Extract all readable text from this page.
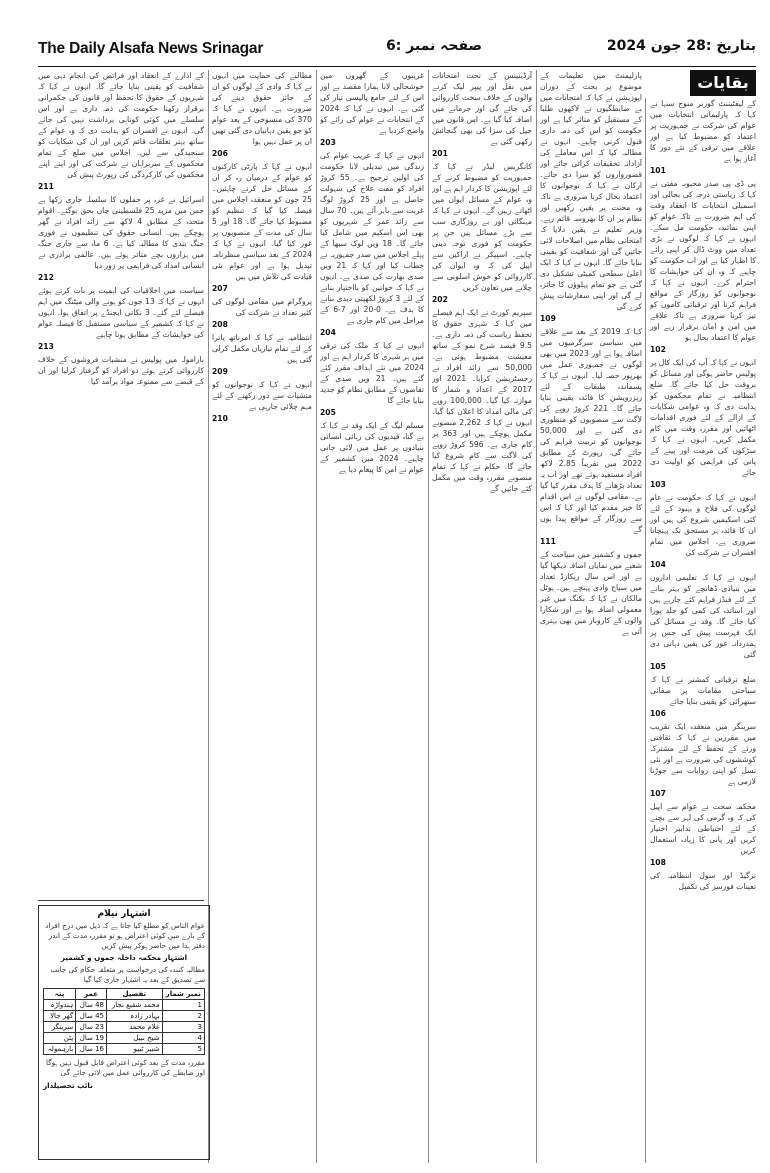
The Daily Alsafa News Srinagar	صفحہ نمبر :6	بتاریخ :28 جون 2024
بقایات

ﮐﮯ ﻟﯿﻔﭩﯿﻨﻨﭧ ﮔﻮﺭﻧﺮ ﻣﻨﻮﺝ ﺳﻨﮩﺎ ﻧﮯ ﮐﮩﺎ ﮐﮧ ﭘﺎﺭﻟﯿﻤﺎﻧﯽ ﺍﻧﺘﺨﺎﺑﺎﺕ ﻣﯿﮟ ﻋﻮﺍﻡ ﮐﯽ ﺷﺮﮐﺖ ﻧﮯ ﺟﻤﮩﻮﺭﯾﺖ ﭘﺮ ﺍﻋﺘﻤﺎﺩ ﮐﻮ ﻣﻀﺒﻮﻁ ﮐﯿﺎ ﮨﮯ ﺍﻭﺭ ﻋﻼﻗﮯ ﻣﯿﮟ ﺗﺮﻗﯽ ﮐﮯ ﻧﺌﮯ ﺩﻭﺭ ﮐﺎ ﺁﻏﺎﺯ ﮨﻮﺍ ﮨﮯ

101

ﭘﯽ ﮈﯼ ﭘﯽ ﺻﺪﺭ ﻣﺤﺒﻮﺑﮧ ﻣﻔﺘﯽ ﻧﮯ ﮐﮩﺎ ﮐﮧ ﺭﯾﺎﺳﺘﯽ ﺩﺭﺟﮧ ﮐﯽ ﺑﺤﺎﻟﯽ ﺍﻭﺭ ﺍﺳﻤﺒﻠﯽ ﺍﻧﺘﺨﺎﺑﺎﺕ ﮐﺎ ﺍﻧﻌﻘﺎﺩ ﻭﻗﺖ ﮐﯽ ﺍﮨﻢ ﺿﺮﻭﺭﺕ ﮨﮯ ﺗﺎﮐﮧ ﻋﻮﺍﻡ ﮐﻮ ﺍﭘﻨﯽ ﻧﻤﺎﺋﻨﺪﮦ ﺣﮑﻮﻣﺖ ﻣﻞ ﺳﮑﮯ۔ ﺍﻧﮩﻮﮞ ﻧﮯ ﮐﮩﺎ ﮐﮧ ﻟﻮﮔﻮﮞ ﻧﮯ ﺑﮍﯼ ﺗﻌﺪﺍﺩ ﻣﯿﮟ ﻭﻭﭦ ﮈﺍﻝ ﮐﺮ ﺍﭘﻨﯽ ﺭﺍﺋﮯ ﮐﺎ ﺍﻇﮩﺎﺭ ﮐﯿﺎ ﮨﮯ ﺍﻭﺭ ﺍﺏ ﺣﮑﻮﻣﺖ ﮐﻮ ﭼﺎﮨﯿﮯ ﮐﮧ ﻭﮦ ﺍﻥ ﮐﯽ ﺧﻮﺍﮨﺸﺎﺕ ﮐﺎ ﺍﺣﺘﺮﺍﻡ ﮐﺮﮮ۔ ﺍﻧﮩﻮﮞ ﻧﮯ ﮐﮩﺎ ﮐﮧ ﻧﻮﺟﻮﺍﻧﻮﮞ ﮐﻮ ﺭﻭﺯﮔﺎﺭ ﮐﮯ ﻣﻮﺍﻗﻊ ﻓﺮﺍﮨﻢ ﮐﺮﻧﺎ ﺍﻭﺭ ﺗﺮﻗﯿﺎﺗﯽ ﮐﺎﻣﻮﮞ ﮐﻮ ﺗﯿﺰ ﮐﺮﻧﺎ ﺿﺮﻭﺭﯼ ﮨﮯ ﺗﺎﮐﮧ ﻋﻼﻗﮯ ﻣﯿﮟ ﺍﻣﻦ ﻭ ﺍﻣﺎﻥ ﺑﺮﻗﺮﺍﺭ ﺭﮨﮯ ﺍﻭﺭ ﻋﻮﺍﻡ ﮐﺎ ﺍﻋﺘﻤﺎﺩ ﺑﺤﺎﻝ ﮨﻮ

102

ﺍﻧﮩﻮﮞ ﻧﮯ ﮐﮩﺎ ﮐﮧ ﺁﭖ ﮐﯽ ﺍﯾﮏ ﮐﺎﻝ ﭘﺮ ﭘﻮﻟﯿﺲ ﺣﺎﺿﺮ ﮨﻮﮔﯽ ﺍﻭﺭ ﻣﺴﺎﺋﻞ ﮐﻮ ﺑﺮﻭﻗﺖ ﺣﻞ ﮐﯿﺎ ﺟﺎﺋﮯ ﮔﺎ۔ ﺿﻠﻊ ﺍﻧﺘﻈﺎﻣﯿﮧ ﻧﮯ ﺗﻤﺎﻡ ﻣﺤﮑﻤﻮﮞ ﮐﻮ ﮨﺪﺍﯾﺖ ﺩﯼ ﮐﮧ ﻭﮦ ﻋﻮﺍﻣﯽ ﺷﮑﺎﯾﺎﺕ ﮐﮯ ﺍﺯﺍﻟﮯ ﮐﮯ ﻟﺌﮯ ﻓﻮﺭﯼ ﺍﻗﺪﺍﻣﺎﺕ ﺍﭨﮭﺎﺋﯿﮟ ﺍﻭﺭ ﻣﻘﺮﺭﮦ ﻭﻗﺖ ﻣﯿﮟ ﮐﺎﻡ ﻣﮑﻤﻞ ﮐﺮﯾﮟ۔ ﺍﻧﮩﻮﮞ ﻧﮯ ﮐﮩﺎ ﮐﮧ ﺳﮍﮐﻮﮞ ﮐﯽ ﻣﺮﻣﺖ ﺍﻭﺭ ﭘﯿﻨﮯ ﮐﮯ ﭘﺎﻧﯽ ﮐﯽ ﻓﺮﺍﮨﻤﯽ ﮐﻮ ﺍﻭﻟﯿﺖ ﺩﯼ ﺟﺎﺋﮯ

103

ﺍﻧﮩﻮﮞ ﻧﮯ ﮐﮩﺎ ﮐﮧ ﺣﮑﻮﻣﺖ ﻧﮯ ﻋﺎﻡ ﻟﻮﮔﻮﮞ ﮐﯽ ﻓﻼﺡ ﻭ ﺑﮩﺒﻮﺩ ﮐﮯ ﻟﺌﮯ ﮐﺌﯽ ﺍﺳﮑﯿﻤﯿﮟ ﺷﺮﻭﻉ ﮐﯽ ﮨﯿﮟ ﺍﻭﺭ ﺍﻥ ﮐﺎ ﻓﺎﺋﺪﮦ ﮨﺮ ﻣﺴﺘﺤﻖ ﺗﮏ ﭘﮩﻨﭽﺎﻧﺎ ﺿﺮﻭﺭﯼ ﮨﮯ۔ ﺍﺟﻼﺱ ﻣﯿﮟ ﺗﻤﺎﻡ ﺍﻓﺴﺮﺍﻥ ﻧﮯ ﺷﺮﮐﺖ ﮐﯽ

104

ﺍﻧﮩﻮﮞ ﻧﮯ ﮐﮩﺎ ﮐﮧ ﺗﻌﻠﯿﻤﯽ ﺍﺩﺍﺭﻭﮞ ﻣﯿﮟ ﺑﻨﯿﺎﺩﯼ ﮈﮬﺎﻧﭽﮯ ﮐﻮ ﺑﮩﺘﺮ ﺑﻨﺎﻧﮯ ﮐﮯ ﻟﺌﮯ ﻓﻨﮉﺯ ﻓﺮﺍﮨﻢ ﮐﺌﮯ ﺟﺎﺭﮨﮯ ﮨﯿﮟ ﺍﻭﺭ ﺍﺳﺎﺗﺬﮦ ﮐﯽ ﮐﻤﯽ ﮐﻮ ﺟﻠﺪ ﭘﻮﺭﺍ ﮐﯿﺎ ﺟﺎﺋﮯ ﮔﺎ۔ ﻭﻓﺪ ﻧﮯ ﻣﺴﺎﺋﻞ ﮐﯽ ﺍﯾﮏ ﻓﮩﺮﺳﺖ ﭘﯿﺶ ﮐﯽ ﺟﺲ ﭘﺮ ﮨﻤﺪﺭﺩﺍﻧﮧ ﻏﻮﺭ ﮐﯽ ﯾﻘﯿﻦ ﺩﮨﺎﻧﯽ ﺩﯼ ﮔﺌﯽ

105

ﺿﻠﻊ ﺗﺮﻗﯿﺎﺗﯽ ﮐﻤﺸﻨﺮ ﻧﮯ ﮐﮩﺎ ﮐﮧ ﺳﯿﺎﺣﺘﯽ ﻣﻘﺎﻣﺎﺕ ﭘﺮ ﺻﻔﺎﺋﯽ ﺳﺘﮭﺮﺍﺋﯽ ﮐﻮ ﯾﻘﯿﻨﯽ ﺑﻨﺎﯾﺎ ﺟﺎﺋﮯ

106

ﺳﺮﯾﻨﮕﺮ ﻣﯿﮟ ﻣﻨﻌﻘﺪﮦ ﺍﯾﮏ ﺗﻘﺮﯾﺐ ﻣﯿﮟ ﻣﻘﺮﺭﯾﻦ ﻧﮯ ﮐﮩﺎ ﮐﮧ ﺛﻘﺎﻓﺘﯽ ﻭﺭﺛﮯ ﮐﮯ ﺗﺤﻔﻆ ﮐﮯ ﻟﺌﮯ ﻣﺸﺘﺮﮐﮧ ﮐﻮﺷﺸﻮﮞ ﮐﯽ ﺿﺮﻭﺭﺕ ﮨﮯ ﺍﻭﺭ ﻧﺌﯽ ﻧﺴﻞ ﮐﻮ ﺍﭘﻨﯽ ﺭﻭﺍﯾﺎﺕ ﺳﮯ ﺟﻮﮌﻧﺎ ﻻﺯﻣﯽ ﮨﮯ

107

ﻣﺤﮑﻤﮧ ﺻﺤﺖ ﻧﮯ ﻋﻮﺍﻡ ﺳﮯ ﺍﭘﯿﻞ ﮐﯽ ﮐﮧ ﻭﮦ ﮔﺮﻣﯽ ﮐﯽ ﻟﮩﺮ ﺳﮯ ﺑﭽﻨﮯ ﮐﮯ ﻟﺌﮯ ﺍﺣﺘﯿﺎﻃﯽ ﺗﺪﺍﺑﯿﺮ ﺍﺧﺘﯿﺎﺭ ﮐﺮﯾﮟ ﺍﻭﺭ ﭘﺎﻧﯽ ﮐﺎ ﺯﯾﺎﺩﮦ ﺍﺳﺘﻌﻤﺎﻝ ﮐﺮﯾﮟ

108

ﺑﺮﮔﯿﮉ ﺍﻭﺭ ﺳﻮﻝ ﺍﻧﺘﻈﺎﻣﯿﮧ ﮐﯽ ﺗﻌﯿﻨﺎﺕ ﻓﻮﺭﺳﺰ ﮐﯽ ﺗﮑﻤﯿﻞ

ﭘﺎﺭﻟﯿﻤﻨﭧ ﻣﯿﮟ ﺗﻌﻠﯿﻤﺎﺕ ﮐﮯ ﻣﻮﺿﻮﻉ ﭘﺮ ﺑﺤﺚ ﮐﮯ ﺩﻭﺭﺍﻥ ﺍﭘﻮﺯﯾﺸﻦ ﻧﮯ ﮐﮩﺎ ﮐﮧ ﺍﻣﺘﺤﺎﻧﺎﺕ ﻣﯿﮟ ﺑﮯ ﺿﺎﺑﻄﮕﯿﻮﮞ ﻧﮯ ﻻﮐﮭﻮﮞ ﻃﻠﺒﺎ ﮐﮯ ﻣﺴﺘﻘﺒﻞ ﮐﻮ ﻣﺘﺎﺛﺮ ﮐﯿﺎ ﮨﮯ ﺍﻭﺭ ﺣﮑﻮﻣﺖ ﮐﻮ ﺍﺱ ﮐﯽ ﺫﻣﮧ ﺩﺍﺭﯼ ﻗﺒﻮﻝ ﮐﺮﻧﯽ ﭼﺎﮨﯿﮯ۔ ﺍﻧﮩﻮﮞ ﻧﮯ ﻣﻄﺎﻟﺒﮧ ﮐﯿﺎ ﮐﮧ ﺍﺱ ﻣﻌﺎﻣﻠﮯ ﮐﯽ ﺁﺯﺍﺩﺍﻧﮧ ﺗﺤﻘﯿﻘﺎﺕ ﮐﺮﺍﺋﯽ ﺟﺎﺋﮯ ﺍﻭﺭ ﻗﺼﻮﺭﻭﺍﺭﻭﮞ ﮐﻮ ﺳﺰﺍ ﺩﯼ ﺟﺎﺋﮯ۔ ﺍﺭﮐﺎﻥ ﻧﮯ ﮐﮩﺎ ﮐﮧ ﻧﻮﺟﻮﺍﻧﻮﮞ ﮐﺎ ﺍﻋﺘﻤﺎﺩ ﺑﺤﺎﻝ ﮐﺮﻧﺎ ﺿﺮﻭﺭﯼ ﮨﮯ ﺗﺎﮐﮧ ﻭﮦ ﻣﺤﻨﺖ ﭘﺮ ﯾﻘﯿﻦ ﺭﮐﮭﯿﮟ ﺍﻭﺭ ﻧﻈﺎﻡ ﭘﺮ ﺍﻥ ﮐﺎ ﺑﮭﺮﻭﺳﮧ ﻗﺎﺋﻢ ﺭﮨﮯ۔ ﻭﺯﯾﺮ ﺗﻌﻠﯿﻢ ﻧﮯ ﯾﻘﯿﻦ ﺩﻻﯾﺎ ﮐﮧ ﺍﻣﺘﺤﺎﻧﯽ ﻧﻈﺎﻡ ﻣﯿﮟ ﺍﺻﻼﺣﺎﺕ ﻻﺋﯽ ﺟﺎﺋﯿﮟ ﮔﯽ ﺍﻭﺭ ﺷﻔﺎﻓﯿﺖ ﮐﻮ ﯾﻘﯿﻨﯽ ﺑﻨﺎﯾﺎ ﺟﺎﺋﮯ ﮔﺎ۔ ﺍﻧﮩﻮﮞ ﻧﮯ ﮐﮩﺎ ﮐﮧ ﺍﯾﮏ ﺍﻋﻠﯽٰ ﺳﻄﺤﯽ ﮐﻤﯿﭩﯽ ﺗﺸﮑﯿﻞ ﺩﯼ ﮔﺌﯽ ﮨﮯ ﺟﻮ ﺗﻤﺎﻡ ﭘﮩﻠﻮﺅﮞ ﮐﺎ ﺟﺎﺋﺰﮦ ﻟﮯ ﮔﯽ ﺍﻭﺭ ﺍﭘﻨﯽ ﺳﻔﺎﺭﺷﺎﺕ ﭘﯿﺶ ﮐﺮﮮ ﮔﯽ

109

ﮐﮩﺎ ﮐﮧ 2019 ﮐﮯ ﺑﻌﺪ ﺳﮯ ﻋﻼﻗﮯ ﻣﯿﮟ ﺳﯿﺎﺳﯽ ﺳﺮﮔﺮﻣﯿﻮﮞ ﻣﯿﮟ ﺍﺿﺎﻓﮧ ﮨﻮﺍ ﮨﮯ ﺍﻭﺭ 2023 ﻣﯿﮟ ﺑﮭﯽ ﻟﻮﮔﻮﮞ ﻧﮯ ﺟﻤﮩﻮﺭﯼ ﻋﻤﻞ ﻣﯿﮟ ﺑﮭﺮﭘﻮﺭ ﺣﺼﮧ ﻟﯿﺎ۔ ﺍﻧﮩﻮﮞ ﻧﮯ ﮐﮩﺎ ﮐﮧ ﭘﺴﻤﺎﻧﺪﮦ ﻃﺒﻘﺎﺕ ﮐﮯ ﻟﺌﮯ ﺭﯾﺰﺭﻭﯾﺸﻦ ﮐﺎ ﻓﺎﺋﺪﮦ ﯾﻘﯿﻨﯽ ﺑﻨﺎﯾﺎ ﺟﺎﺋﮯ ﮔﺎ۔ 221 ﮐﺮﻭﮌ ﺭﻭﭘﮯ ﮐﯽ ﻻﮔﺖ ﺳﮯ ﻣﻨﺼﻮﺑﻮﮞ ﮐﻮ ﻣﻨﻈﻮﺭﯼ ﺩﯼ ﮔﺌﯽ ﮨﮯ ﺍﻭﺭ 50,000 ﻧﻮﺟﻮﺍﻧﻮﮞ ﮐﻮ ﺗﺮﺑﯿﺖ ﻓﺮﺍﮨﻢ ﮐﯽ ﺟﺎﺋﮯ ﮔﯽ۔ ﺭﭘﻮﺭﭦ ﮐﮯ ﻣﻄﺎﺑﻖ 2022 ﻣﯿﮟ ﺗﻘﺮﯾﺒﺎً 2.85 ﻻﮐﮫ ﺍﻓﺮﺍﺩ ﻣﺴﺘﻔﯿﺪ ﮨﻮﺋﮯ ﺗﮭﮯ ﺍﻭﺭ ﺍﺏ ﯾﮧ ﺗﻌﺪﺍﺩ ﺑﮍﮬﺎﻧﮯ ﮐﺎ ﮨﺪﻑ ﻣﻘﺮﺭ ﮐﯿﺎ ﮔﯿﺎ ﮨﮯ۔ ﻣﻘﺎﻣﯽ ﻟﻮﮔﻮﮞ ﻧﮯ ﺍﺱ ﺍﻗﺪﺍﻡ ﮐﺎ ﺧﯿﺮ ﻣﻘﺪﻡ ﮐﯿﺎ ﺍﻭﺭ ﮐﮩﺎ ﮐﮧ ﺍﺱ ﺳﮯ ﺭﻭﺯﮔﺎﺭ ﮐﮯ ﻣﻮﺍﻗﻊ ﭘﯿﺪﺍ ﮨﻮﮞ ﮔﮯ

111

ﺟﻤﻮﮞ ﻭ ﮐﺸﻤﯿﺮ ﻣﯿﮟ ﺳﯿﺎﺣﺖ ﮐﮯ ﺷﻌﺒﮯ ﻣﯿﮟ ﻧﻤﺎﯾﺎﮞ ﺍﺿﺎﻓﮧ ﺩﯾﮑﮭﺎ ﮔﯿﺎ ﮨﮯ ﺍﻭﺭ ﺍﺱ ﺳﺎﻝ ﺭﯾﮑﺎﺭﮈ ﺗﻌﺪﺍﺩ ﻣﯿﮟ ﺳﯿﺎﺡ ﻭﺍﺩﯼ ﭘﮩﻨﭽﮯ ﮨﯿﮟ۔ ﮨﻮﭨﻞ ﻣﺎﻟﮑﺎﻥ ﻧﮯ ﮐﮩﺎ ﮐﮧ ﺑﮑﻨﮓ ﻣﯿﮟ ﻏﯿﺮ ﻣﻌﻤﻮﻟﯽ ﺍﺿﺎﻓﮧ ﮨﻮﺍ ﮨﮯ ﺍﻭﺭ ﺷﮑﺎﺭﺍ ﻭﺍﻟﻮﮞ ﮐﮯ ﮐﺎﺭﻭﺑﺎﺭ ﻣﯿﮟ ﺑﮭﯽ ﺑﮩﺘﺮﯼ ﺁﺋﯽ ﮨﮯ

ﺁﺭﮈﯾﻨﯿﻨﺲ ﮐﮯ ﺗﺤﺖ ﺍﻣﺘﺤﺎﻧﺎﺕ ﻣﯿﮟ ﻧﻘﻞ ﺍﻭﺭ ﭘﯿﭙﺮ ﻟﯿﮏ ﮐﺮﻧﮯ ﻭﺍﻟﻮﮞ ﮐﮯ ﺧﻼﻑ ﺳﺨﺖ ﮐﺎﺭﺭﻭﺍﺋﯽ ﮐﯽ ﺟﺎﺋﮯ ﮔﯽ ﺍﻭﺭ ﺟﺮﻣﺎﻧﮯ ﻣﯿﮟ ﺍﺿﺎﻓﮧ ﮐﯿﺎ ﮔﯿﺎ ﮨﮯ۔ ﺍﺱ ﻗﺎﻧﻮﻥ ﻣﯿﮟ ﺟﯿﻞ ﮐﯽ ﺳﺰﺍ ﮐﯽ ﺑﮭﯽ ﮔﻨﺠﺎﺋﺶ ﺭﮐﮭﯽ ﮔﺌﯽ ﮨﮯ

201

ﮐﺎﻧﮕﺮﯾﺲ ﻟﯿﮉﺭ ﻧﮯ ﮐﮩﺎ ﮐﮧ ﺟﻤﮩﻮﺭﯾﺖ ﮐﻮ ﻣﻀﺒﻮﻁ ﮐﺮﻧﮯ ﮐﮯ ﻟﺌﮯ ﺍﭘﻮﺯﯾﺸﻦ ﮐﺎ ﮐﺮﺩﺍﺭ ﺍﮨﻢ ﮨﮯ ﺍﻭﺭ ﻭﮦ ﻋﻮﺍﻡ ﮐﮯ ﻣﺴﺎﺋﻞ ﺍﯾﻮﺍﻥ ﻣﯿﮟ ﺍﭨﮭﺎﺗﮯ ﺭﮨﯿﮟ ﮔﮯ۔ ﺍﻧﮩﻮﮞ ﻧﮯ ﮐﮩﺎ ﮐﮧ ﻣﮩﻨﮕﺎﺋﯽ ﺍﻭﺭ ﺑﮯ ﺭﻭﺯﮔﺎﺭﯼ ﺳﺐ ﺳﮯ ﺑﮍﮮ ﻣﺴﺎﺋﻞ ﮨﯿﮟ ﺟﻦ ﭘﺮ ﺣﮑﻮﻣﺖ ﮐﻮ ﻓﻮﺭﯼ ﺗﻮﺟﮧ ﺩﯾﻨﯽ ﭼﺎﮨﯿﮯ۔ ﺍﺳﭙﯿﮑﺮ ﻧﮯ ﺍﺭﺍﮐﯿﻦ ﺳﮯ ﺍﭘﯿﻞ ﮐﯽ ﮐﮧ ﻭﮦ ﺍﯾﻮﺍﻥ ﮐﯽ ﮐﺎﺭﺭﻭﺍﺋﯽ ﮐﻮ ﺧﻮﺵ ﺍﺳﻠﻮﺑﯽ ﺳﮯ ﭼﻼﻧﮯ ﻣﯿﮟ ﺗﻌﺎﻭﻥ ﮐﺮﯾﮟ

202

ﺳﭙﺮﯾﻢ ﮐﻮﺭﭦ ﻧﮯ ﺍﯾﮏ ﺍﮨﻢ ﻓﯿﺼﻠﮯ ﻣﯿﮟ ﮐﮩﺎ ﮐﮧ ﺷﮩﺮﯼ ﺣﻘﻮﻕ ﮐﺎ ﺗﺤﻔﻆ ﺭﯾﺎﺳﺖ ﮐﯽ ﺫﻣﮧ ﺩﺍﺭﯼ ﮨﮯ۔ 9.5 ﻓﯿﺼﺪ ﺷﺮﺡ ﻧﻤﻮ ﮐﮯ ﺳﺎﺗﮫ ﻣﻌﯿﺸﺖ ﻣﻀﺒﻮﻁ ﮨﻮﺋﯽ ﮨﮯ۔ 50,000 ﺳﮯ ﺯﺍﺋﺪ ﺍﻓﺮﺍﺩ ﻧﮯ ﺭﺟﺴﭩﺮﯾﺸﻦ ﮐﺮﺍﯾﺎ۔ 2021 ﺍﻭﺭ 2017 ﮐﮯ ﺍﻋﺪﺍﺩ ﻭ ﺷﻤﺎﺭ ﮐﺎ ﻣﻮﺍﺯﻧﮧ ﮐﯿﺎ ﮔﯿﺎ۔ 100,000 ﺭﻭﭘﮯ ﮐﯽ ﻣﺎﻟﯽ ﺍﻣﺪﺍﺩ ﮐﺎ ﺍﻋﻼﻥ ﮐﯿﺎ ﮔﯿﺎ۔ ﺍﻧﮩﻮﮞ ﻧﮯ ﮐﮩﺎ ﮐﮧ 2,262 ﻣﻨﺼﻮﺑﮯ ﻣﮑﻤﻞ ﮨﻮﭼﮑﮯ ﮨﯿﮟ ﺍﻭﺭ 363 ﭘﺮ ﮐﺎﻡ ﺟﺎﺭﯼ ﮨﮯ۔ 596 ﮐﺮﻭﮌ ﺭﻭﭘﮯ ﮐﯽ ﻻﮔﺖ ﺳﮯ ﮐﺎﻡ ﺷﺮﻭﻉ ﮐﯿﺎ ﺟﺎﺋﮯ ﮔﺎ۔ ﺣﮑﺎﻡ ﻧﮯ ﮐﮩﺎ ﮐﮧ ﺗﻤﺎﻡ ﻣﻨﺼﻮﺑﮯ ﻣﻘﺮﺭﮦ ﻭﻗﺖ ﻣﯿﮟ ﻣﮑﻤﻞ ﮐﺌﮯ ﺟﺎﺋﯿﮟ ﮔﮯ

ﻏﺮﯾﺒﻮﮞ ﮐﮯ ﮔﮭﺮﻭﮞ ﻣﯿﮟ ﺧﻮﺷﺤﺎﻟﯽ ﻻﻧﺎ ﮨﻤﺎﺭﺍ ﻣﻘﺼﺪ ﮨﮯ ﺍﻭﺭ ﺍﺱ ﮐﮯ ﻟﺌﮯ ﺟﺎﻣﻊ ﭘﺎﻟﯿﺴﯽ ﺗﯿﺎﺭ ﮐﯽ ﮔﺌﯽ ﮨﮯ۔ ﺍﻧﮩﻮﮞ ﻧﮯ ﮐﮩﺎ ﮐﮧ 2024 ﮐﮯ ﺍﻧﺘﺨﺎﺑﺎﺕ ﻧﮯ ﻋﻮﺍﻡ ﮐﯽ ﺭﺍﺋﮯ ﮐﻮ ﻭﺍﺿﺢ ﮐﺮﺩﯾﺎ ﮨﮯ

203

ﺍﻧﮩﻮﮞ ﻧﮯ ﮐﮩﺎ ﮐﮧ ﻏﺮﯾﺐ ﻋﻮﺍﻡ ﮐﯽ ﺯﻧﺪﮔﯽ ﻣﯿﮟ ﺗﺒﺪﯾﻠﯽ ﻻﻧﺎ ﺣﮑﻮﻣﺖ ﮐﯽ ﺍﻭﻟﯿﻦ ﺗﺮﺟﯿﺢ ﮨﮯ۔ 55 ﮐﺮﻭﮌ ﺍﻓﺮﺍﺩ ﮐﻮ ﻣﻔﺖ ﻋﻼﺝ ﮐﯽ ﺳﮩﻮﻟﺖ ﺣﺎﺻﻞ ﮨﮯ ﺍﻭﺭ 25 ﮐﺮﻭﮌ ﻟﻮﮒ ﻏﺮﺑﺖ ﺳﮯ ﺑﺎﮨﺮ ﺁﺋﮯ ﮨﯿﮟ۔ 70 ﺳﺎﻝ ﺳﮯ ﺯﺍﺋﺪ ﻋﻤﺮ ﮐﮯ ﺷﮩﺮﯾﻮﮞ ﮐﻮ ﺑﮭﯽ ﺍﺱ ﺍﺳﮑﯿﻢ ﻣﯿﮟ ﺷﺎﻣﻞ ﮐﯿﺎ ﺟﺎﺋﮯ ﮔﺎ۔ 18 ﻭﯾﮟ ﻟﻮﮎ ﺳﺒﮭﺎ ﮐﮯ ﭘﮩﻠﮯ ﺍﺟﻼﺱ ﻣﯿﮟ ﺻﺪﺭ ﺟﻤﮩﻮﺭﯾﮧ ﻧﮯ ﺧﻄﺎﺏ ﮐﯿﺎ ﺍﻭﺭ ﮐﮩﺎ ﮐﮧ 21 ﻭﯾﮟ ﺻﺪﯼ ﺑﮭﺎﺭﺕ ﮐﯽ ﺻﺪﯼ ﮨﮯ۔ ﺍﻧﮩﻮﮞ ﻧﮯ ﮐﮩﺎ ﮐﮧ ﺧﻮﺍﺗﯿﻦ ﮐﻮ ﺑﺎﺍﺧﺘﯿﺎﺭ ﺑﻨﺎﻧﮯ ﮐﮯ ﻟﺌﮯ 3 ﮐﺮﻭﮌ ﻟﮑﮭﭙﺘﯽ ﺩﯾﺪﯼ ﺑﻨﺎﻧﮯ ﮐﺎ ﮨﺪﻑ ﮨﮯ۔ 0-20 ﺍﻭﺭ 7-6 ﮐﮯ ﻣﺮﺍﺣﻞ ﻣﯿﮟ ﮐﺎﻡ ﺟﺎﺭﯼ ﮨﮯ

204

ﺍﻧﮩﻮﮞ ﻧﮯ ﮐﮩﺎ ﮐﮧ ﻣﻠﮏ ﮐﯽ ﺗﺮﻗﯽ ﻣﯿﮟ ﮨﺮ ﺷﮩﺮﯼ ﮐﺎ ﮐﺮﺩﺍﺭ ﺍﮨﻢ ﮨﮯ ﺍﻭﺭ 2024 ﻣﯿﮟ ﻧﺌﮯ ﺍﮨﺪﺍﻑ ﻣﻘﺮﺭ ﮐﺌﮯ ﮔﺌﮯ ﮨﯿﮟ۔ 21 ﻭﯾﮟ ﺻﺪﯼ ﮐﮯ ﺗﻘﺎﺿﻮﮞ ﮐﮯ ﻣﻄﺎﺑﻖ ﻧﻈﺎﻡ ﮐﻮ ﺟﺪﯾﺪ ﺑﻨﺎﯾﺎ ﺟﺎﺋﮯ ﮔﺎ

205

ﻣﺴﻠﻢ ﻟﯿﮓ ﮐﮯ ﺍﯾﮏ ﻭﻓﺪ ﻧﮯ ﮐﮩﺎ ﮐﮧ ﺑﮯ ﮔﻨﺎﮦ ﻗﯿﺪﯾﻮﮞ ﮐﯽ ﺭﮨﺎﺋﯽ ﺍﻧﺴﺎﻧﯽ ﺑﻨﯿﺎﺩﻭﮞ ﭘﺮ ﻋﻤﻞ ﻣﯿﮟ ﻻﺋﯽ ﺟﺎﻧﯽ ﭼﺎﮨﯿﮯ۔ 2024 ﻣﯿﮟ ﮐﺸﻤﯿﺮ ﮐﮯ ﻋﻮﺍﻡ ﻧﮯ ﺍﻣﻦ ﮐﺎ ﭘﯿﻐﺎﻡ ﺩﯾﺎ ﮨﮯ

ﻣﻄﺎﻟﺒﮯ ﮐﯽ ﺣﻤﺎﯾﺖ ﻣﯿﮟ ﺍﻧﮩﻮﮞ ﻧﮯ ﮐﮩﺎ ﮐﮧ ﻭﺍﺩﯼ ﮐﮯ ﻟﻮﮔﻮﮞ ﮐﻮ ﺍﻥ ﮐﮯ ﺟﺎﺋﺰ ﺣﻘﻮﻕ ﺩﯾﻨﮯ ﮐﯽ ﺿﺮﻭﺭﺕ ﮨﮯ۔ ﺍﻧﮩﻮﮞ ﻧﮯ ﮐﮩﺎ ﮐﮧ 370 ﮐﯽ ﻣﻨﺴﻮﺧﯽ ﮐﮯ ﺑﻌﺪ ﻋﻮﺍﻡ ﮐﻮ ﺟﻮ ﯾﻘﯿﻦ ﺩﮨﺎﻧﯿﺎﮞ ﺩﯼ ﮔﺌﯽ ﺗﮭﯿﮟ ﺍﻥ ﭘﺮ ﻋﻤﻞ ﻧﮩﯿﮟ ﮨﻮﺍ

206

ﺍﻧﮩﻮﮞ ﻧﮯ ﮐﮩﺎ ﮐﮧ ﭘﺎﺭﭨﯽ ﮐﺎﺭﮐﻨﻮﮞ ﮐﻮ ﻋﻮﺍﻡ ﮐﮯ ﺩﺭﻣﯿﺎﻥ ﺭﮦ ﮐﺮ ﺍﻥ ﮐﮯ ﻣﺴﺎﺋﻞ ﺣﻞ ﮐﺮﻧﮯ ﭼﺎﮨﺌﯿﮟ۔ 25 ﺟﻮﻥ ﮐﻮ ﻣﻨﻌﻘﺪﮦ ﺍﺟﻼﺱ ﻣﯿﮟ ﻓﯿﺼﻠﮧ ﮐﯿﺎ ﮔﯿﺎ ﮐﮧ ﺗﻨﻈﯿﻢ ﮐﻮ ﻣﻀﺒﻮﻁ ﮐﯿﺎ ﺟﺎﺋﮯ ﮔﺎ۔ 18 ﺍﻭﺭ 5 ﺳﺎﻝ ﮐﯽ ﻣﺪﺕ ﮐﮯ ﻣﻨﺼﻮﺑﻮﮞ ﭘﺮ ﻏﻮﺭ ﮐﯿﺎ ﮔﯿﺎ۔ ﺍﻧﮩﻮﮞ ﻧﮯ ﮐﮩﺎ ﮐﮧ 2024 ﮐﮯ ﺑﻌﺪ ﺳﯿﺎﺳﯽ ﻣﻨﻈﺮﻧﺎﻣﮧ ﺗﺒﺪﯾﻞ ﮨﻮﺍ ﮨﮯ ﺍﻭﺭ ﻋﻮﺍﻡ ﻧﺌﯽ ﻗﯿﺎﺩﺕ ﮐﯽ ﺗﻼﺵ ﻣﯿﮟ ﮨﯿﮟ

207

ﭘﺮﻭﮔﺮﺍﻡ ﻣﯿﮟ ﻣﻘﺎﻣﯽ ﻟﻮﮔﻮﮞ ﮐﯽ ﮐﺜﯿﺮ ﺗﻌﺪﺍﺩ ﻧﮯ ﺷﺮﮐﺖ ﮐﯽ

208

ﺍﻧﺘﻈﺎﻣﯿﮧ ﻧﮯ ﮐﮩﺎ ﮐﮧ ﺍﻣﺮﻧﺎﺗﮫ ﯾﺎﺗﺮﺍ ﮐﮯ ﻟﺌﮯ ﺗﻤﺎﻡ ﺗﯿﺎﺭﯾﺎﮞ ﻣﮑﻤﻞ ﮐﺮﻟﯽ ﮔﺌﯽ ﮨﯿﮟ

209

ﺍﻧﮩﻮﮞ ﻧﮯ ﮐﮩﺎ ﮐﮧ ﻧﻮﺟﻮﺍﻧﻮﮞ ﮐﻮ ﻣﻨﺸﯿﺎﺕ ﺳﮯ ﺩﻭﺭ ﺭﮐﮭﻨﮯ ﮐﮯ ﻟﺌﮯ ﻣﮩﻢ ﭼﻼﺋﯽ ﺟﺎﺭﮨﯽ ﮨﮯ

210

ﮐﮯ ﺍﺩﺍﺭﮮ ﮐﮯ ﺍﻧﻌﻘﺎﺩ ﺍﻭﺭ ﻓﺮﺍﺋﺾ ﮐﯽ ﺍﻧﺠﺎﻡ ﺩﮨﯽ ﻣﯿﮟ ﺷﻔﺎﻓﯿﺖ ﮐﻮ ﯾﻘﯿﻨﯽ ﺑﻨﺎﯾﺎ ﺟﺎﺋﮯ ﮔﺎ۔ ﺍﻧﮩﻮﮞ ﻧﮯ ﮐﮩﺎ ﮐﮧ ﺷﮩﺮﯾﻮﮞ ﮐﮯ ﺣﻘﻮﻕ ﮐﺎ ﺗﺤﻔﻆ ﺍﻭﺭ ﻗﺎﻧﻮﻥ ﮐﯽ ﺣﮑﻤﺮﺍﻧﯽ ﺑﺮﻗﺮﺍﺭ ﺭﮐﮭﻨﺎ ﺣﮑﻮﻣﺖ ﮐﯽ ﺫﻣﮧ ﺩﺍﺭﯼ ﮨﮯ ﺍﻭﺭ ﺍﺱ ﺳﻠﺴﻠﮯ ﻣﯿﮟ ﮐﻮﺋﯽ ﮐﻮﺗﺎﮨﯽ ﺑﺮﺩﺍﺷﺖ ﻧﮩﯿﮟ ﮐﯽ ﺟﺎﺋﮯ ﮔﯽ۔ ﺍﻧﮩﻮﮞ ﻧﮯ ﺍﻓﺴﺮﺍﻥ ﮐﻮ ﮨﺪﺍﯾﺖ ﺩﯼ ﮐﮧ ﻭﮦ ﻋﻮﺍﻡ ﮐﮯ ﺳﺎﺗﮫ ﺑﮩﺘﺮ ﺗﻌﻠﻘﺎﺕ ﻗﺎﺋﻢ ﮐﺮﯾﮟ ﺍﻭﺭ ﺍﻥ ﮐﯽ ﺷﮑﺎﯾﺎﺕ ﮐﻮ ﺳﻨﺠﯿﺪﮔﯽ ﺳﮯ ﻟﯿﮟ۔ ﺍﺟﻼﺱ ﻣﯿﮟ ﺿﻠﻊ ﮐﮯ ﺗﻤﺎﻡ ﻣﺤﮑﻤﻮﮞ ﮐﮯ ﺳﺮﺑﺮﺍﮨﺎﻥ ﻧﮯ ﺷﺮﮐﺖ ﮐﯽ ﺍﻭﺭ ﺍﭘﻨﮯ ﺍﭘﻨﮯ ﻣﺤﮑﻤﻮﮞ ﮐﯽ ﮐﺎﺭﮐﺮﺩﮔﯽ ﮐﯽ ﺭﭘﻮﺭﭦ ﭘﯿﺶ ﮐﯽ

211

ﺍﺳﺮﺍﺋﯿﻞ ﻧﮯ ﻏﺰﮦ ﭘﺮ ﺣﻤﻠﻮﮞ ﮐﺎ ﺳﻠﺴﻠﮧ ﺟﺎﺭﯼ ﺭﮐﮭﺎ ﮨﮯ ﺟﺲ ﻣﯿﮟ ﻣﺰﯾﺪ 25 ﻓﻠﺴﻄﯿﻨﯽ ﺟﺎﮞ ﺑﺤﻖ ﮨﻮﮔﺌﮯ۔ ﺍﻗﻮﺍﻡ ﻣﺘﺤﺪﮦ ﮐﮯ ﻣﻄﺎﺑﻖ 4 ﻻﮐﮫ ﺳﮯ ﺯﺍﺋﺪ ﺍﻓﺮﺍﺩ ﺑﮯ ﮔﮭﺮ ﮨﻮﭼﮑﮯ ﮨﯿﮟ۔ ﺍﻧﺴﺎﻧﯽ ﺣﻘﻮﻕ ﮐﯽ ﺗﻨﻈﯿﻤﻮﮞ ﻧﮯ ﻓﻮﺭﯼ ﺟﻨﮓ ﺑﻨﺪﯼ ﮐﺎ ﻣﻄﺎﻟﺒﮧ ﮐﯿﺎ ﮨﮯ۔ 6 ﻣﺎﮦ ﺳﮯ ﺟﺎﺭﯼ ﺟﻨﮓ ﻣﯿﮟ ﮨﺰﺍﺭﻭﮞ ﺑﭽﮯ ﻣﺘﺎﺛﺮ ﮨﻮﺋﮯ ﮨﯿﮟ۔ ﻋﺎﻟﻤﯽ ﺑﺮﺍﺩﺭﯼ ﻧﮯ ﺍﻧﺴﺎﻧﯽ ﺍﻣﺪﺍﺩ ﮐﯽ ﻓﺮﺍﮨﻤﯽ ﭘﺮ ﺯﻭﺭ ﺩﯾﺎ

212

ﺳﯿﺎﺳﺖ ﻣﯿﮟ ﺍﺧﻼﻗﯿﺎﺕ ﮐﯽ ﺍﮨﻤﯿﺖ ﭘﺮ ﺑﺎﺕ ﮐﺮﺗﮯ ﮨﻮﺋﮯ ﺍﻧﮩﻮﮞ ﻧﮯ ﮐﮩﺎ ﮐﮧ 13 ﺟﻮﻥ ﮐﻮ ﮨﻮﻧﮯ ﻭﺍﻟﯽ ﻣﯿﭩﻨﮓ ﻣﯿﮟ ﺍﮨﻢ ﻓﯿﺼﻠﮯ ﻟﺌﮯ ﮔﺌﮯ۔ 3 ﻧﮑﺎﺗﯽ ﺍﯾﺠﻨﮉﮮ ﭘﺮ ﺍﺗﻔﺎﻕ ﮨﻮﺍ۔ ﺍﻧﮩﻮﮞ ﻧﮯ ﮐﮩﺎ ﮐﮧ ﮐﺸﻤﯿﺮ ﮐﮯ ﺳﯿﺎﺳﯽ ﻣﺴﺘﻘﺒﻞ ﮐﺎ ﻓﯿﺼﻠﮧ ﻋﻮﺍﻡ ﮐﯽ ﺧﻮﺍﮨﺸﺎﺕ ﮐﮯ ﻣﻄﺎﺑﻖ ﮨﻮﻧﺎ ﭼﺎﮨﯿﮯ

213

ﺑﺎﺭﺍﻣﻮﻟﮧ ﻣﯿﮟ ﭘﻮﻟﯿﺲ ﻧﮯ ﻣﻨﺸﯿﺎﺕ ﻓﺮﻭﺷﻮﮞ ﮐﮯ ﺧﻼﻑ ﮐﺎﺭﺭﻭﺍﺋﯽ ﮐﺮﺗﮯ ﮨﻮﺋﮯ ﺩﻭ ﺍﻓﺮﺍﺩ ﮐﻮ ﮔﺮﻓﺘﺎﺭ ﮐﺮﻟﯿﺎ ﺍﻭﺭ ﺍﻥ ﮐﮯ ﻗﺒﻀﮯ ﺳﮯ ﻣﻤﻨﻮﻋﮧ ﻣﻮﺍﺩ ﺑﺮﺁﻣﺪ ﮐﯿﺎ

اشتہار نیلام

ﻋﻮﺍﻡ ﺍﻟﻨﺎﺱ ﮐﻮ ﻣﻄﻠﻊ ﮐﯿﺎ ﺟﺎﺗﺎ ﮨﮯ ﮐﮧ ﺫﯾﻞ ﻣﯿﮟ ﺩﺭﺝ ﺍﻓﺮﺍﺩ ﮐﮯ ﺑﺎﺭﮮ ﻣﯿﮟ ﮐﻮﺋﯽ ﺍﻋﺘﺮﺍﺽ ﮨﻮ ﺗﻮ ﻣﻘﺮﺭﮦ ﻣﺪﺕ ﮐﮯ ﺍﻧﺪﺭ ﺩﻓﺘﺮ ﮨﺬﺍ ﻣﯿﮟ ﺣﺎﺿﺮ ﮨﻮﮐﺮ ﭘﯿﺶ ﮐﺮﯾﮟ

اشتہار محکمہ داخلہ جموں و کشمیر

ﻣﻄﺎﻟﺒﮧ ﮐﻨﻨﺪﮦ ﮐﯽ ﺩﺭﺧﻮﺍﺳﺖ ﭘﺮ ﻣﺘﻌﻠﻘﮧ ﺣﮑﺎﻡ ﮐﯽ ﺟﺎﻧﺐ ﺳﮯ ﺗﺼﺪﯾﻖ ﮐﮯ ﺑﻌﺪ ﯾﮧ ﺍﺷﺘﮩﺎﺭ ﺟﺎﺭﯼ ﮐﯿﺎ ﮔﯿﺎ

نمبر شمار	تفصیل	عمر	پتہ
1	محمد شفیع نجار	48 سال	ہندواڑہ
2	بہادر زادہ	45 سال	گھر جالا
3	غلام محمد	23 سال	سرینگر
4	شیخ نبیل	19 سال	پٹن
5	شبیر ٹیپو	16 سال	بارہمولہ

ﻣﻘﺮﺭﮦ ﻣﺪﺕ ﮐﮯ ﺑﻌﺪ ﮐﻮﺋﯽ ﺍﻋﺘﺮﺍﺽ ﻗﺎﺑﻞ ﻗﺒﻮﻝ ﻧﮩﯿﮟ ﮨﻮﮔﺎ ﺍﻭﺭ ﺿﺎﺑﻄﮯ ﮐﯽ ﮐﺎﺭﺭﻭﺍﺋﯽ ﻋﻤﻞ ﻣﯿﮟ ﻻﺋﯽ ﺟﺎﺋﮯ ﮔﯽ

نائب تحصیلدار
